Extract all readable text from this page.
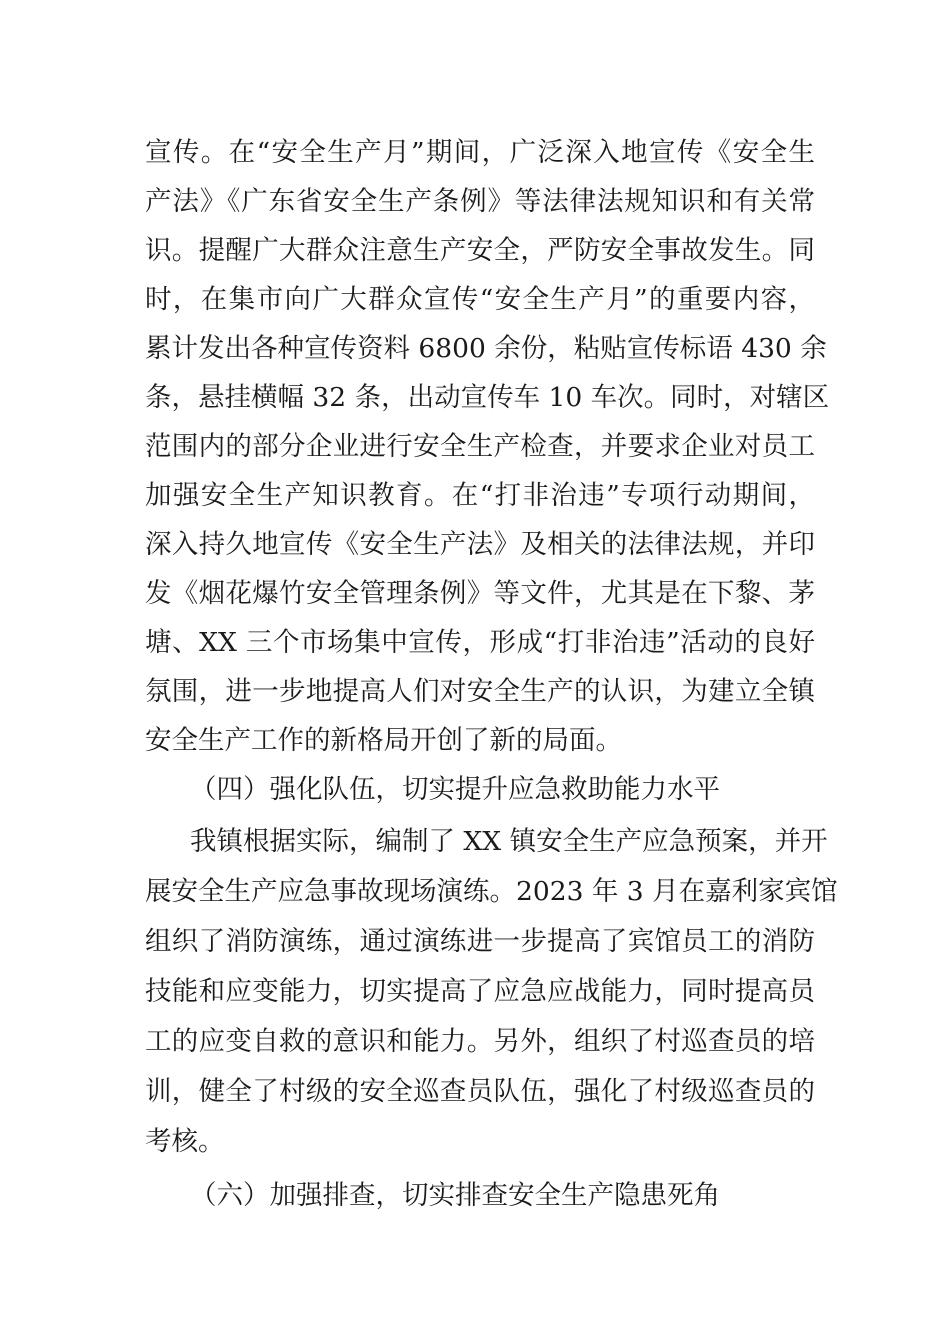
宣传。在“安全生产月”期间，广泛深入地宣传《安全生
产法》《广东省安全生产条例》等法律法规知识和有关常
识。提醒广大群众注意生产安全，严防安全事故发生。同
时，在集市向广大群众宣传“安全生产月”的重要内容，
累计发出各种宣传资料 6800 余份，粘贴宣传标语 430 余
条，悬挂横幅 32 条，出动宣传车 10 车次。同时，对辖区
范围内的部分企业进行安全生产检查，并要求企业对员工
加强安全生产知识教育。在“打非治违”专项行动期间，
深入持久地宣传《安全生产法》及相关的法律法规，并印
发《烟花爆竹安全管理条例》等文件，尤其是在下黎、茅
塘、XX 三个市场集中宣传，形成“打非治违”活动的良好
氛围，进一步地提高人们对安全生产的认识，为建立全镇
安全生产工作的新格局开创了新的局面。
（四）强化队伍，切实提升应急救助能力水平
我镇根据实际，编制了 XX 镇安全生产应急预案，并开
展安全生产应急事故现场演练。2023 年 3 月在嘉利家宾馆
组织了消防演练，通过演练进一步提高了宾馆员工的消防
技能和应变能力，切实提高了应急应战能力，同时提高员
工的应变自救的意识和能力。另外，组织了村巡查员的培
训，健全了村级的安全巡查员队伍，强化了村级巡查员的
考核。
（六）加强排查，切实排查安全生产隐患死角
